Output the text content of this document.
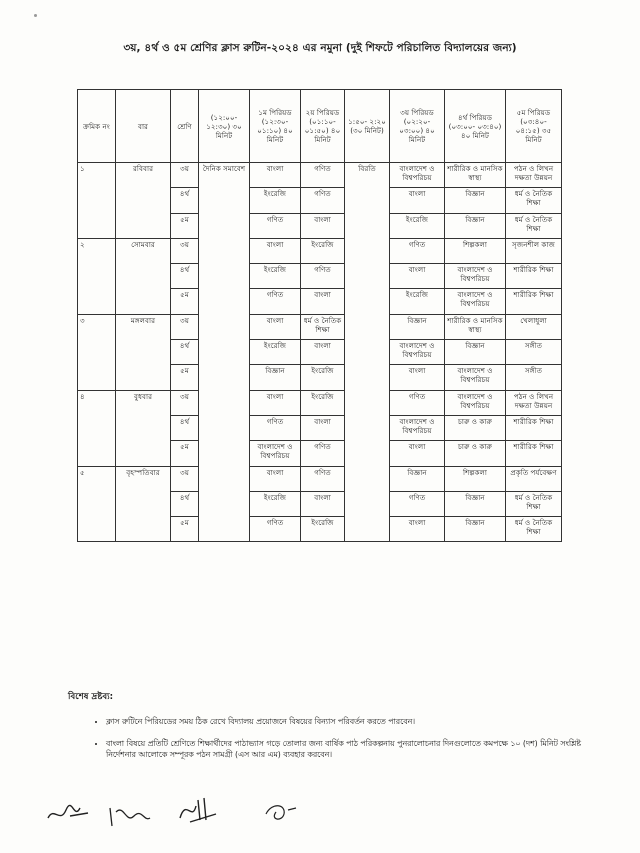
৩য়, ৪র্থ ও ৫ম শ্রেণির ক্লাস রুটিন-২০২৪ এর নমুনা (দুই শিফটে পরিচালিত বিদ্যালয়ের জন্য)
ক্রমিক নং	বার	শ্রেণি	(১২:০০- ১২:৩০) ৩০ মিনিট	১ম পিরিয়ড (১২:৩০- ০১:১০) ৪০ মিনিট	২য় পিরিয়ড (০১:১০- ০১:৫০) ৪০ মিনিট	১:৫০- ২:২০ (৩০ মিনিট)	৩য় পিরিয়ড (০২:২০- ০৩:০০) ৪০ মিনিট	৪র্থ পিরিয়ড (০৩:০০- ০৩:৪০) ৪০ মিনিট	৫ম পিরিয়ড (০৩:৪০- ০৪:১৫) ৩৫ মিনিট
১	রবিবার	৩য়	দৈনিক সমাবেশ	বাংলা	গণিত	বিরতি	বাংলাদেশ ও বিশ্বপরিচয়	শারীরিক ও মানসিক স্বাস্থ্য	পঠন ও লিখন দক্ষতা উন্নয়ন
		৪র্থ		ইংরেজি	গণিত		বাংলা	বিজ্ঞান	ধর্ম ও নৈতিক শিক্ষা
		৫ম		গণিত	বাংলা		ইংরেজি	বিজ্ঞান	ধর্ম ও নৈতিক শিক্ষা
২	সোমবার	৩য়		বাংলা	ইংরেজি		গণিত	শিল্পকলা	সৃজনশীল কাজ
		৪র্থ		ইংরেজি	গণিত		বাংলা	বাংলাদেশ ও বিশ্বপরিচয়	শারীরিক শিক্ষা
		৫ম		গণিত	বাংলা		ইংরেজি	বাংলাদেশ ও বিশ্বপরিচয়	শারীরিক শিক্ষা
৩	মঙ্গলবার	৩য়		বাংলা	ধর্ম ও নৈতিক শিক্ষা		বিজ্ঞান	শারীরিক ও মানসিক স্বাস্থ্য	খেলাধুলা
		৪র্থ		ইংরেজি	বাংলা		বাংলাদেশ ও বিশ্বপরিচয়	বিজ্ঞান	সঙ্গীত
		৫ম		বিজ্ঞান	ইংরেজি		বাংলা	বাংলাদেশ ও বিশ্বপরিচয়	সঙ্গীত
৪	বুধবার	৩য়		বাংলা	ইংরেজি		গণিত	বাংলাদেশ ও বিশ্বপরিচয়	পঠন ও লিখন দক্ষতা উন্নয়ন
		৪র্থ		গণিত	বাংলা		বাংলাদেশ ও বিশ্বপরিচয়	চারু ও কারু	শারীরিক শিক্ষা
		৫ম		বাংলাদেশ ও বিশ্বপরিচয়	গণিত		বাংলা	চারু ও কারু	শারীরিক শিক্ষা
৫	বৃহস্পতিবার	৩য়		বাংলা	গণিত		বিজ্ঞান	শিল্পকলা	প্রকৃতি পর্যবেক্ষণ
		৪র্থ		ইংরেজি	বাংলা		গণিত	বিজ্ঞান	ধর্ম ও নৈতিক শিক্ষা
		৫ম		গণিত	ইংরেজি		বাংলা	বিজ্ঞান	ধর্ম ও নৈতিক শিক্ষা
বিশেষ দ্রষ্টব্য:
• ক্লাস রুটিনে পিরিয়ডের সময় ঠিক রেখে বিদ্যালয় প্রয়োজনে বিষয়ের বিন্যাস পরিবর্তন করতে পারবেন।
• বাংলা বিষয়ে প্রতিটি শ্রেণিতে শিক্ষার্থীদের পাঠাভ্যাস গড়ে তোলার জন্য বার্ষিক পাঠ পরিকল্পনায় পুনরালোচনার দিনগুলোতে কমপক্ষে ১০ (দশ) মিনিট সংশ্লিষ্ট নির্দেশনার আলোকে সম্পূরক পঠন সামগ্রী (এস আর এম) ব্যবহার করবেন।
